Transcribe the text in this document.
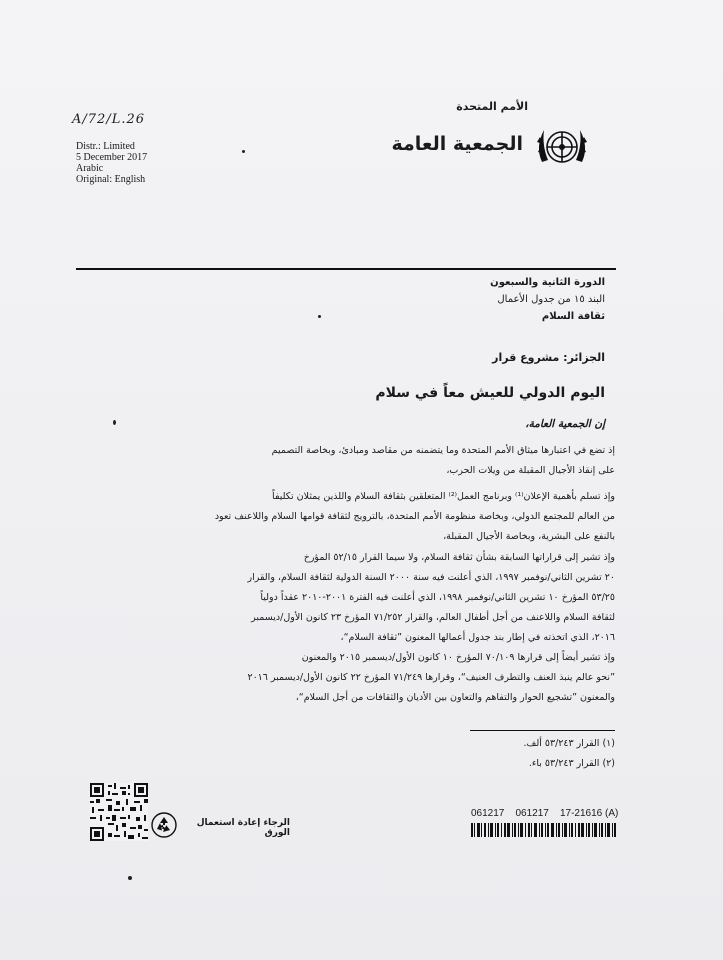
A/72/L.26
الأمم المتحدة
الجمعية العامة
Distr.: Limited
5 December 2017
Arabic
Original: English
الدورة الثانية والسبعون
البند ١٥ من جدول الأعمال
ثقافة السلام
الجزائر: مشروع قرار
اليوم الدولي للعيش معاً في سلام
إن الجمعية العامة،
إذ تضع في اعتبارها ميثاق الأمم المتحدة وما يتضمنه من مقاصد ومبادئ، وبخاصة التصميم
على إنقاذ الأجيال المقبلة من ويلات الحرب،
وإذ تسلم بأهمية الإعلان⁽¹⁾ وبرنامج العمل⁽²⁾ المتعلقين بثقافة السلام واللذين يمثلان تكليفاً
من العالم للمجتمع الدولي، وبخاصة منظومة الأمم المتحدة، بالترويج لثقافة قوامها السلام واللاعنف تعود
بالنفع على البشرية، وبخاصة الأجيال المقبلة،
وإذ تشير إلى قراراتها السابقة بشأن ثقافة السلام، ولا سيما القرار ٥٢/١٥ المؤرخ
٢٠ تشرين الثاني/نوفمبر ١٩٩٧، الذي أعلنت فيه سنة ٢٠٠٠ السنة الدولية لثقافة السلام، والقرار
٥٣/٢٥ المؤرخ ١٠ تشرين الثاني/نوفمبر ١٩٩٨، الذي أعلنت فيه الفترة ٢٠٠١-٢٠١٠ عقداً دولياً
لثقافة السلام واللاعنف من أجل أطفال العالم، والقرار ٧١/٢٥٢ المؤرخ ٢٣ كانون الأول/ديسمبر
٢٠١٦، الذي اتخذته في إطار بند جدول أعمالها المعنون ”ثقافة السلام“،
وإذ تشير أيضاً إلى قرارها ٧٠/١٠٩ المؤرخ ١٠ كانون الأول/ديسمبر ٢٠١٥ والمعنون
”نحو عالم ينبذ العنف والتطرف العنيف“، وقرارها ٧١/٢٤٩ المؤرخ ٢٢ كانون الأول/ديسمبر ٢٠١٦
والمعنون ”تشجيع الحوار والتفاهم والتعاون بين الأديان والثقافات من أجل السلام“،
(١) القرار ٥٣/٢٤٣ ألف.
(٢) القرار ٥٣/٢٤٣ باء.
الرجاء إعادة استعمال الورق
061217    061217    17-21616 (A)
